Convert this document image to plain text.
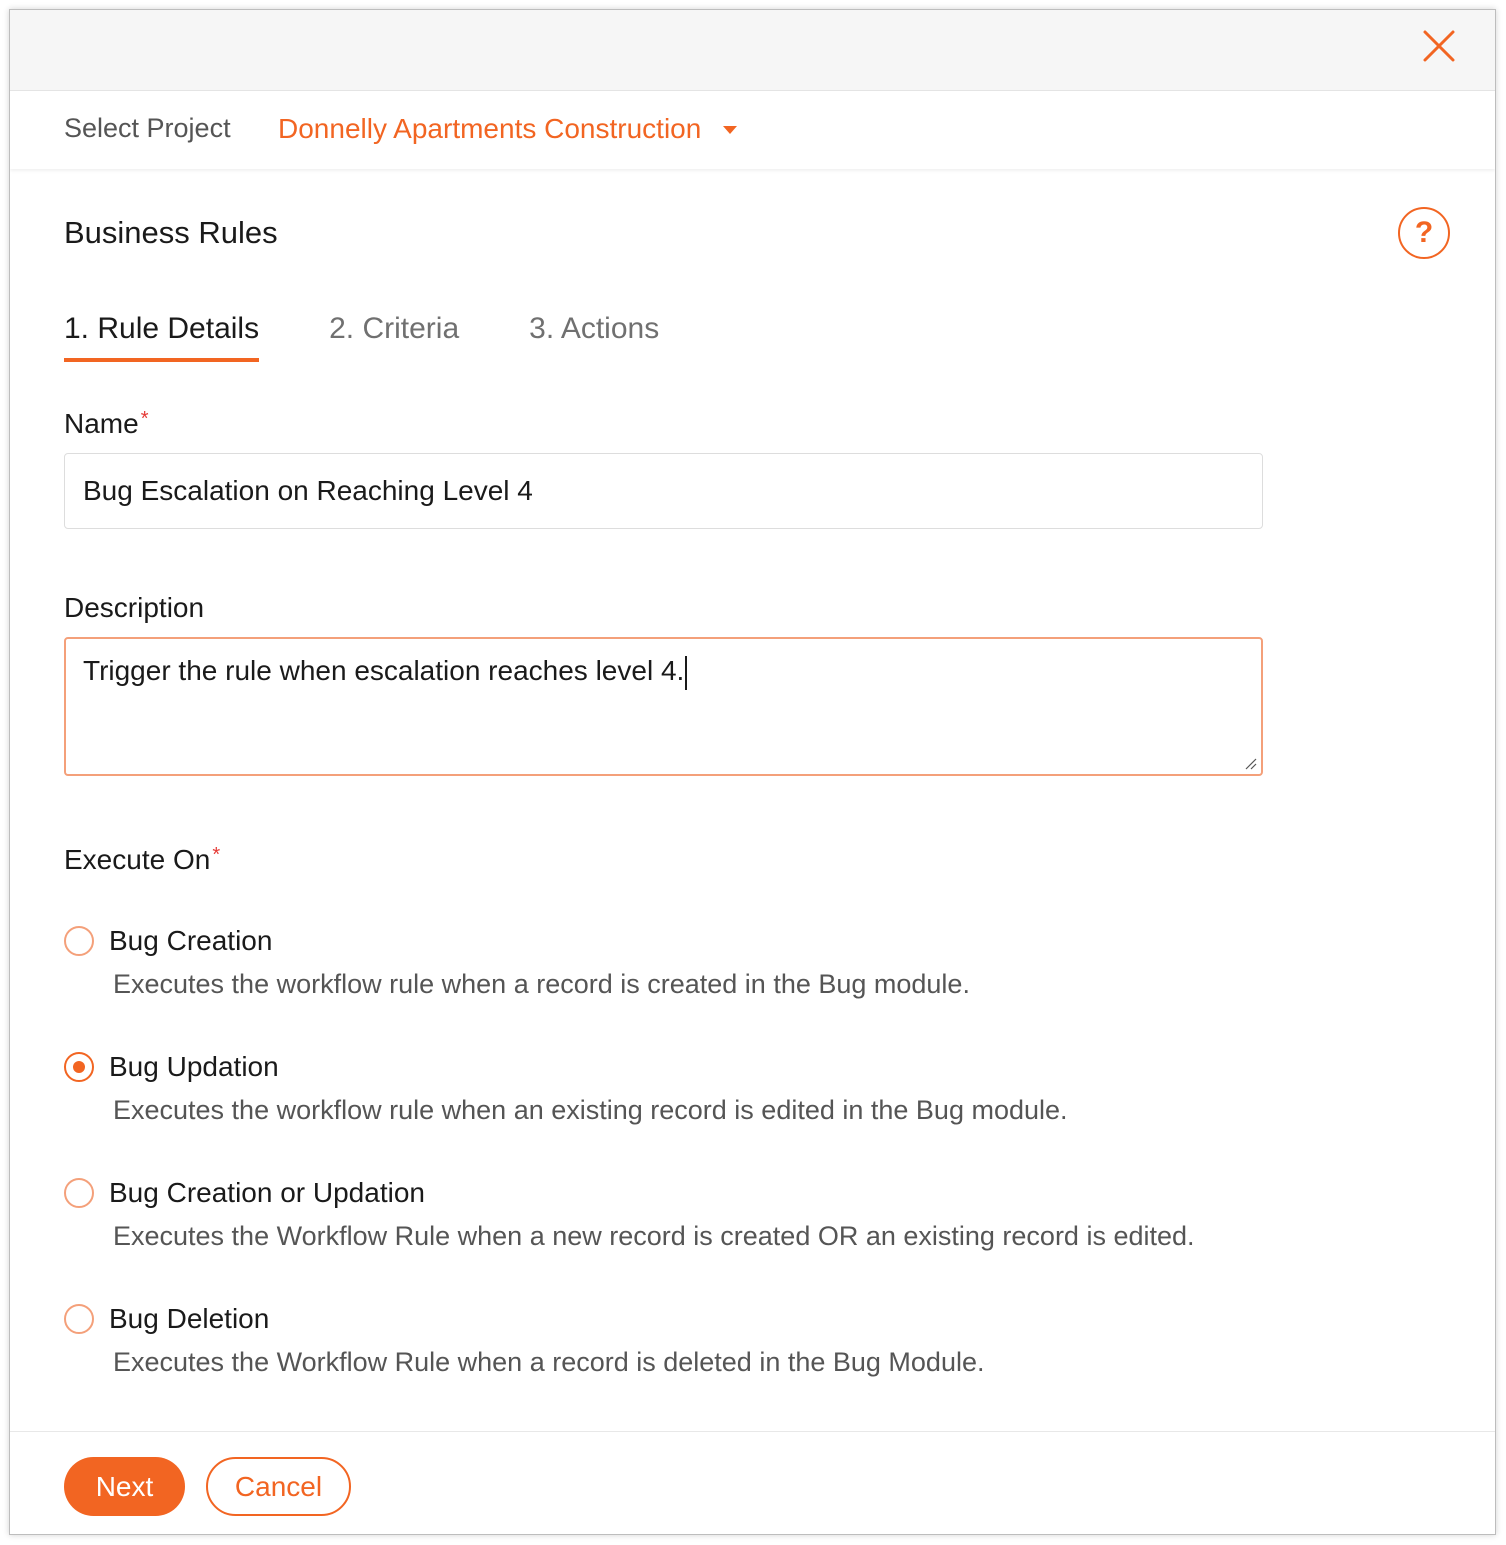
Select Project Donnelly Apartments Construction
Business Rules	?
1. Rule Details 2. Criteria 3. Actions
Name *
Bug Escalation on Reaching Level 4
Description
Trigger the rule when escalation reaches level 4.
Execute On *
Bug Creation
Executes the workflow rule when a record is created in the Bug module.
Bug Updation
Executes the workflow rule when an existing record is edited in the Bug module.
Bug Creation or Updation
Executes the Workflow Rule when a new record is created OR an existing record is edited.
Bug Deletion
Executes the Workflow Rule when a record is deleted in the Bug Module.
Next	Cancel
